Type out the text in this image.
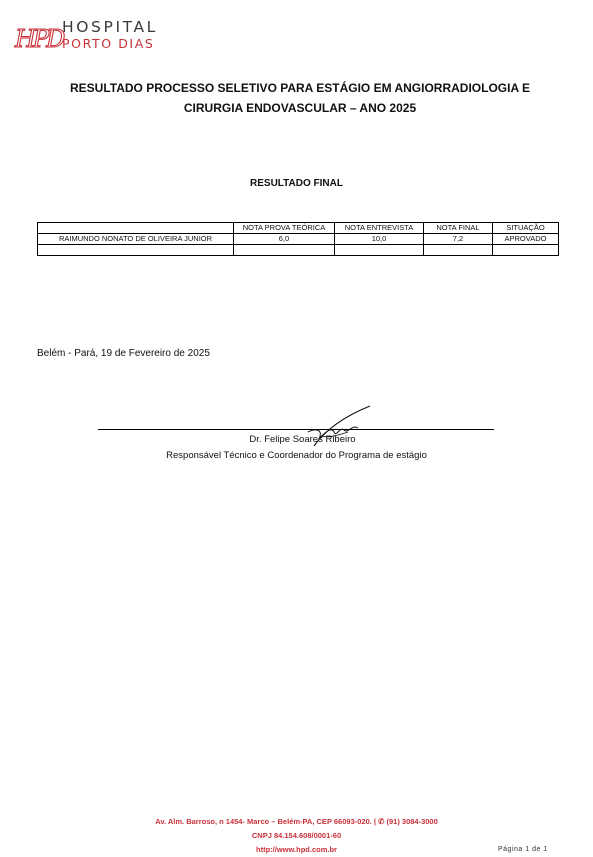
HPD HOSPITAL
PORTO DIAS
RESULTADO PROCESSO SELETIVO PARA ESTÁGIO EM ANGIORRADIOLOGIA E
CIRURGIA ENDOVASCULAR – ANO 2025
RESULTADO FINAL
	NOTA PROVA TEÓRICA	NOTA ENTREVISTA	NOTA FINAL	SITUAÇÃO
RAIMUNDO NONATO DE OLIVEIRA JUNIOR	6,0	10,0	7,2	APROVADO

Belém - Pará, 19 de Fevereiro de 2025
Dr. Felipe Soares Ribeiro
Responsável Técnico e Coordenador do Programa de estágio
Av. Alm. Barroso, n 1454- Marco – Belém-PA, CEP 66093-020. | ✆ (91) 3084-3000
CNPJ 84.154.608/0001-60
http://www.hpd.com.br	Página 1 de 1
